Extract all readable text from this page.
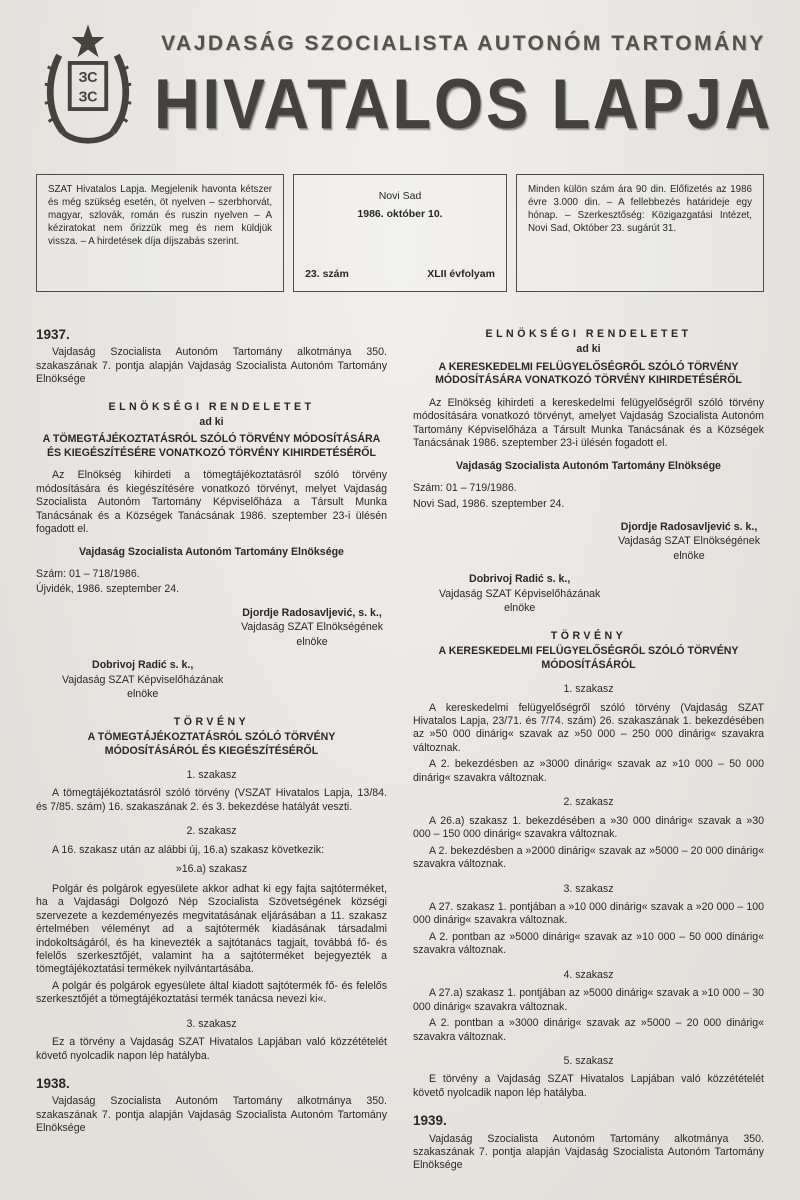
ЗС
ЗС
VAJDASÁG SZOCIALISTA AUTONÓM TARTOMÁNY
HIVATALOS LAPJA
SZAT Hivatalos Lapja. Megjelenik havonta kétszer és még szükség esetén, öt nyelven – szerbhorvát, magyar, szlovák, román és ruszin nyelven – A kéziratokat nem őrizzük meg és nem küldjük vissza. – A hirdetések díja díjszabás szerint.
Novi Sad
1986. október 10.
23. szám	XLII évfolyam
Minden külön szám ára 90 din. Előfizetés az 1986 évre 3.000 din. – A fellebbezés határideje egy hónap. – Szerkesztőség: Közigazgatási Intézet, Novi Sad, Október 23. sugárút 31.
1937.
Vajdaság Szocialista Autonóm Tartomány alkotmánya 350. szakaszának 7. pontja alapján Vajdaság Szocialista Autonóm Tartomány Elnöksége
ELNÖKSÉGI RENDELETET
ad ki
A TÖMEGTÁJÉKOZTATÁSRÓL SZÓLÓ TÖRVÉNY MÓDOSÍTÁSÁRA ÉS KIEGÉSZÍTÉSÉRE VONATKOZÓ TÖRVÉNY KIHIRDETÉSÉRŐL
Az Elnökség kihirdeti a tömegtájékoztatásról szóló törvény módosítására és kiegészítésére vonatkozó törvényt, melyet Vajdaság Szocialista Autonóm Tartomány Képviselőháza a Társult Munka Tanácsának és a Községek Tanácsának 1986. szeptember 23-i ülésén fogadott el.
Vajdaság Szocialista Autonóm Tartomány Elnöksége
Szám: 01 – 718/1986.
Újvidék, 1986. szeptember 24.
Djordje Radosavljević, s. k.,
Vajdaság SZAT Elnökségének
elnöke
Dobrivoj Radić s. k.,
Vajdaság SZAT Képviselőházának
elnöke
TÖRVÉNY
A TÖMEGTÁJÉKOZTATÁSRÓL SZÓLÓ TÖRVÉNY MÓDOSÍTÁSÁRÓL ÉS KIEGÉSZÍTÉSÉRŐL
1. szakasz
A tömegtájékoztatásról szóló törvény (VSZAT Hivatalos Lapja, 13/84. és 7/85. szám) 16. szakaszának 2. és 3. bekezdése hatályát veszti.
2. szakasz
A 16. szakasz után az alábbi új, 16.a) szakasz következik:
»16.a) szakasz
Polgár és polgárok egyesülete akkor adhat ki egy fajta sajtóterméket, ha a Vajdasági Dolgozó Nép Szocialista Szövetségének községi szervezete a kezdeményezés megvitatásának eljárásában a 11. szakasz értelmében véleményt ad a sajtótermék kiadásának társadalmi indokoltságáról, és ha kinevezték a sajtótanács tagjait, továbbá fő- és felelős szerkesztőjét, valamint ha a sajtóterméket bejegyezték a tömegtájékoztatási termékek nyilvántartásába.
A polgár és polgárok egyesülete által kiadott sajtótermék fő- és felelős szerkesztőjét a tömegtájékoztatási termék tanácsa nevezi ki«.
3. szakasz
Ez a törvény a Vajdaság SZAT Hivatalos Lapjában való közzétételét követő nyolcadik napon lép hatályba.
1938.
Vajdaság Szocialista Autonóm Tartomány alkotmánya 350. szakaszának 7. pontja alapján Vajdaság Szocialista Autonóm Tartomány Elnöksége
ELNÖKSÉGI RENDELETET
ad ki
A KERESKEDELMI FELÜGYELŐSÉGRŐL SZÓLÓ TÖRVÉNY MÓDOSÍTÁSÁRA VONATKOZÓ TÖRVÉNY KIHIRDETÉSÉRŐL
Az Elnökség kihirdeti a kereskedelmi felügyelőségről szóló törvény módosítására vonatkozó törvényt, amelyet Vajdaság Szocialista Autonóm Tartomány Képviselőháza a Társult Munka Tanácsának és a Községek Tanácsának 1986. szeptember 23-i ülésén fogadott el.
Vajdaság Szocialista Autonóm Tartomány Elnöksége
Szám: 01 – 719/1986.
Novi Sad, 1986. szeptember 24.
Djordje Radosavljević s. k.,
Vajdaság SZAT Elnökségének
elnöke
Dobrivoj Radić s. k.,
Vajdaság SZAT Képviselőházának
elnöke
TÖRVÉNY
A KERESKEDELMI FELÜGYELŐSÉGRŐL SZÓLÓ TÖRVÉNY MÓDOSÍTÁSÁRÓL
1. szakasz
A kereskedelmi felügyelőségről szóló törvény (Vajdaság SZAT Hivatalos Lapja, 23/71. és 7/74. szám) 26. szakaszának 1. bekezdésében az »50 000 dinárig« szavak az »50 000 – 250 000 dinárig« szavakra változnak.
A 2. bekezdésben az »3000 dinárig« szavak az »10 000 – 50 000 dinárig« szavakra változnak.
2. szakasz
A 26.a) szakasz 1. bekezdésében a »30 000 dinárig« szavak a »30 000 – 150 000 dinárig« szavakra változnak.
A 2. bekezdésben a »2000 dinárig« szavak az »5000 – 20 000 dinárig« szavakra változnak.
3. szakasz
A 27. szakasz 1. pontjában a »10 000 dinárig« szavak a »20 000 – 100 000 dinárig« szavakra változnak.
A 2. pontban az »5000 dinárig« szavak az »10 000 – 50 000 dinárig« szavakra változnak.
4. szakasz
A 27.a) szakasz 1. pontjában az »5000 dinárig« szavak a »10 000 – 30 000 dinárig« szavakra változnak.
A 2. pontban a »3000 dinárig« szavak az »5000 – 20 000 dinárig« szavakra változnak.
5. szakasz
E törvény a Vajdaság SZAT Hivatalos Lapjában való közzétételét követő nyolcadik napon lép hatályba.
1939.
Vajdaság Szocialista Autonóm Tartomány alkotmánya 350. szakaszának 7. pontja alapján Vajdaság Szocialista Autonóm Tartomány Elnöksége
